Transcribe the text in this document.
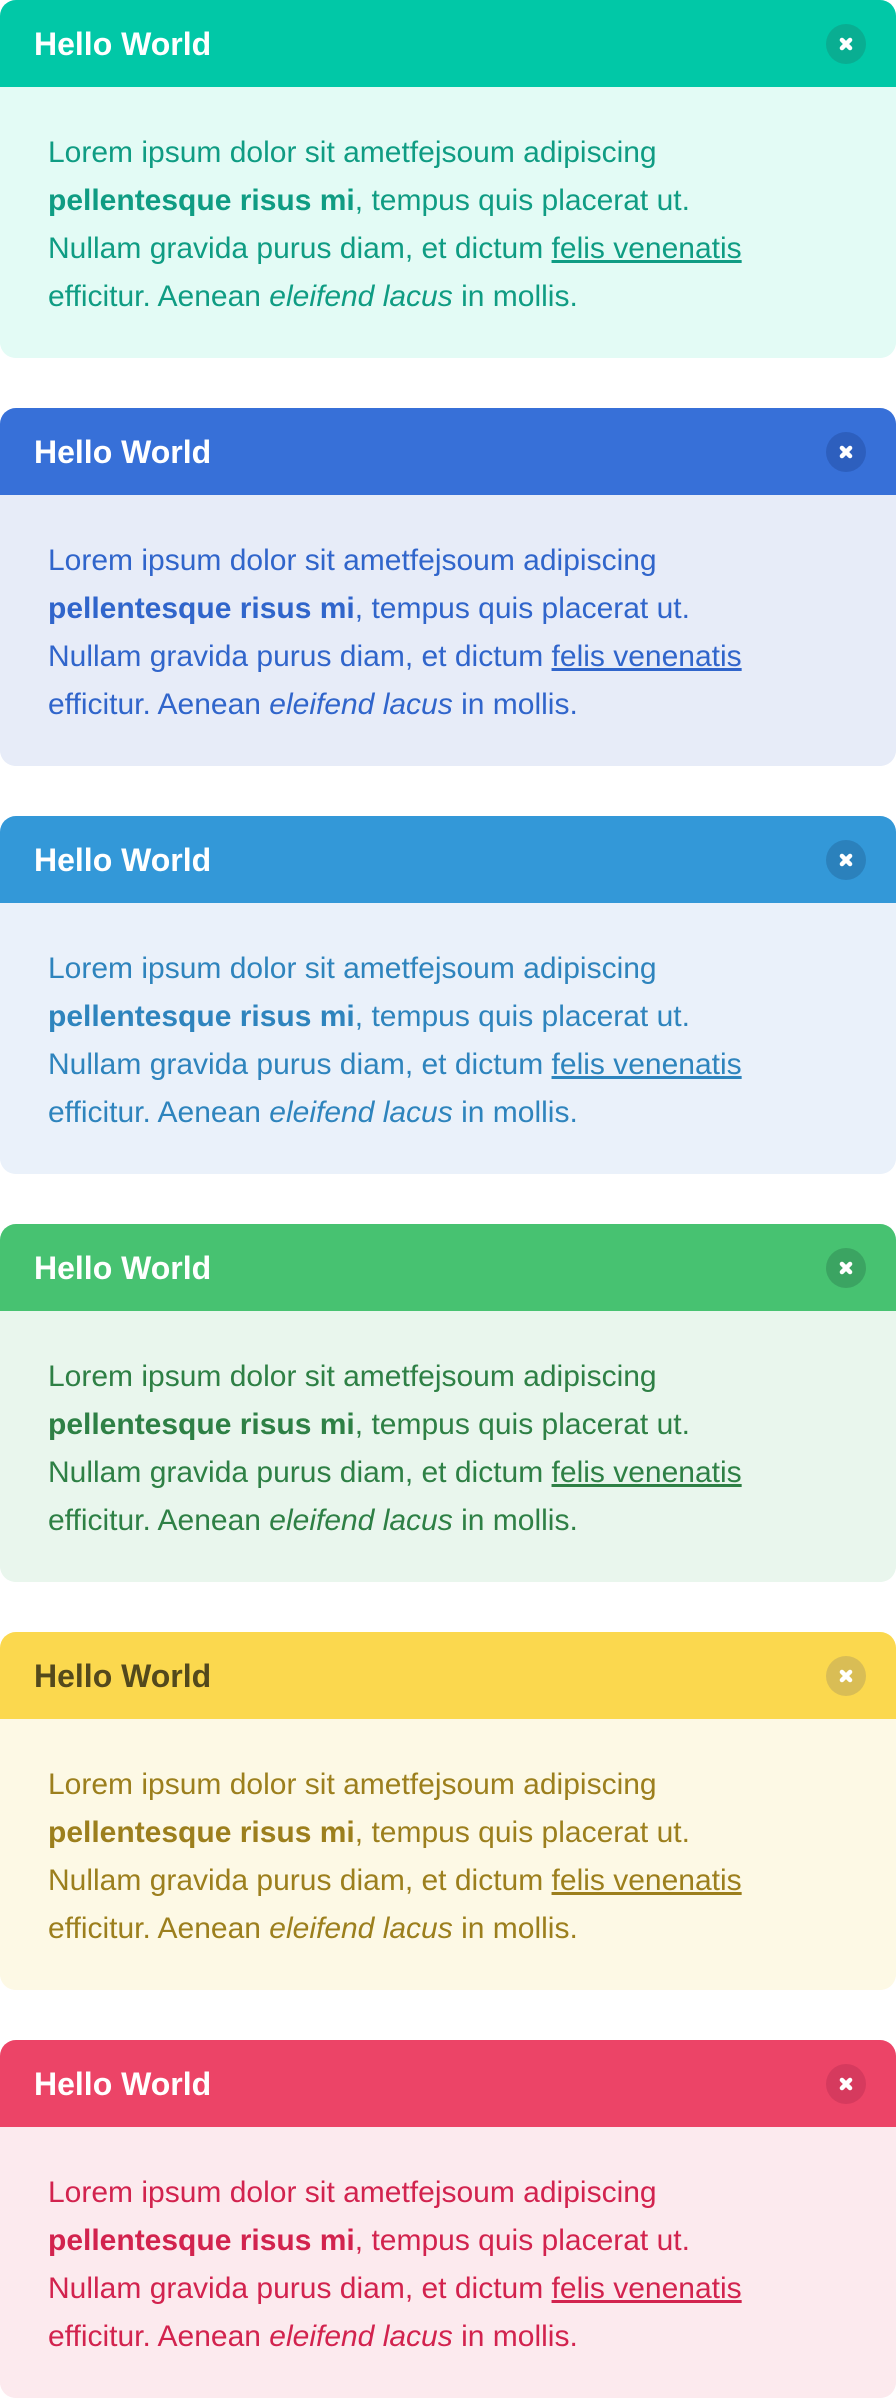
Hello World

Lorem ipsum dolor sit ametfejsoum adipiscing

pellentesque risus mi, tempus quis placerat ut.

Nullam gravida purus diam, et dictum felis venenatis

efficitur. Aenean eleifend lacus in mollis.

Hello World

Lorem ipsum dolor sit ametfejsoum adipiscing

pellentesque risus mi, tempus quis placerat ut.

Nullam gravida purus diam, et dictum felis venenatis

efficitur. Aenean eleifend lacus in mollis.

Hello World

Lorem ipsum dolor sit ametfejsoum adipiscing

pellentesque risus mi, tempus quis placerat ut.

Nullam gravida purus diam, et dictum felis venenatis

efficitur. Aenean eleifend lacus in mollis.

Hello World

Lorem ipsum dolor sit ametfejsoum adipiscing

pellentesque risus mi, tempus quis placerat ut.

Nullam gravida purus diam, et dictum felis venenatis

efficitur. Aenean eleifend lacus in mollis.

Hello World

Lorem ipsum dolor sit ametfejsoum adipiscing

pellentesque risus mi, tempus quis placerat ut.

Nullam gravida purus diam, et dictum felis venenatis

efficitur. Aenean eleifend lacus in mollis.

Hello World

Lorem ipsum dolor sit ametfejsoum adipiscing

pellentesque risus mi, tempus quis placerat ut.

Nullam gravida purus diam, et dictum felis venenatis

efficitur. Aenean eleifend lacus in mollis.
